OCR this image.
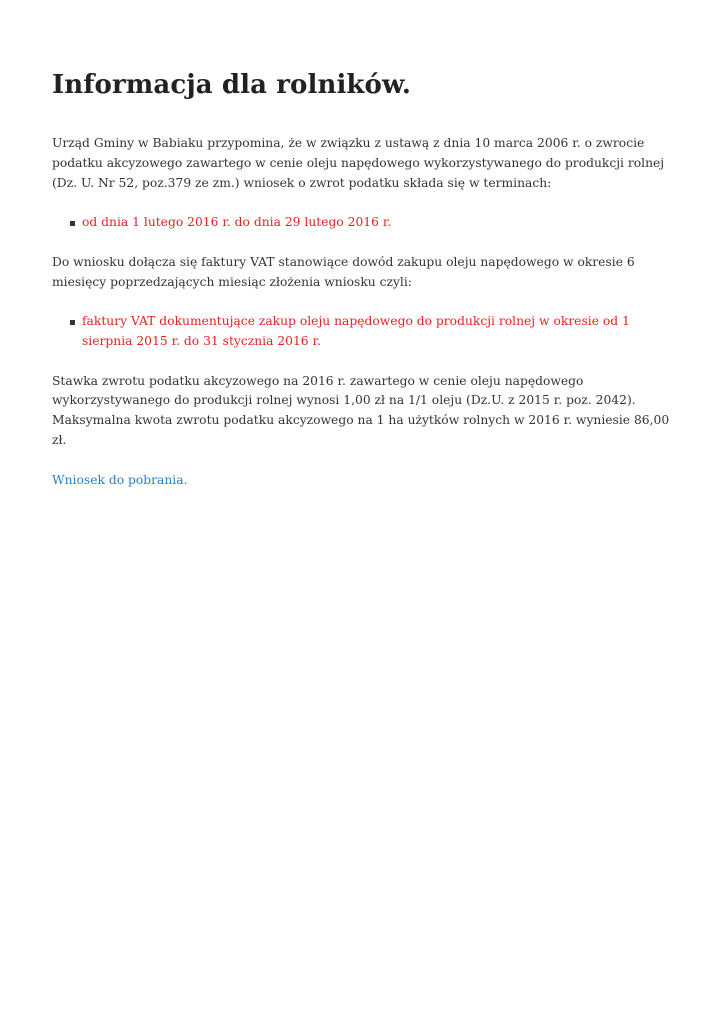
Informacja dla rolników.

Urząd Gminy w Babiaku przypomina, że w związku z ustawą z dnia 10 marca 2006 r. o zwrocie podatku akcyzowego zawartego w cenie oleju napędowego wykorzystywanego do produkcji rolnej (Dz. U. Nr 52, poz.379 ze zm.) wniosek o zwrot podatku składa się w terminach:

od dnia 1 lutego 2016 r. do dnia 29 lutego 2016 r.

Do wniosku dołącza się faktury VAT stanowiące dowód zakupu oleju napędowego w okresie 6 miesięcy poprzedzających miesiąc złożenia wniosku czyli:

faktury VAT dokumentujące zakup oleju napędowego do produkcji rolnej w okresie od 1 sierpnia 2015 r. do 31 stycznia 2016 r.

Stawka zwrotu podatku akcyzowego na 2016 r. zawartego w cenie oleju napędowego wykorzystywanego do produkcji rolnej wynosi 1,00 zł na 1/1 oleju (Dz.U. z 2015 r. poz. 2042). Maksymalna kwota zwrotu podatku akcyzowego na 1 ha użytków rolnych w 2016 r. wyniesie 86,00 zł.

Wniosek do pobrania.
